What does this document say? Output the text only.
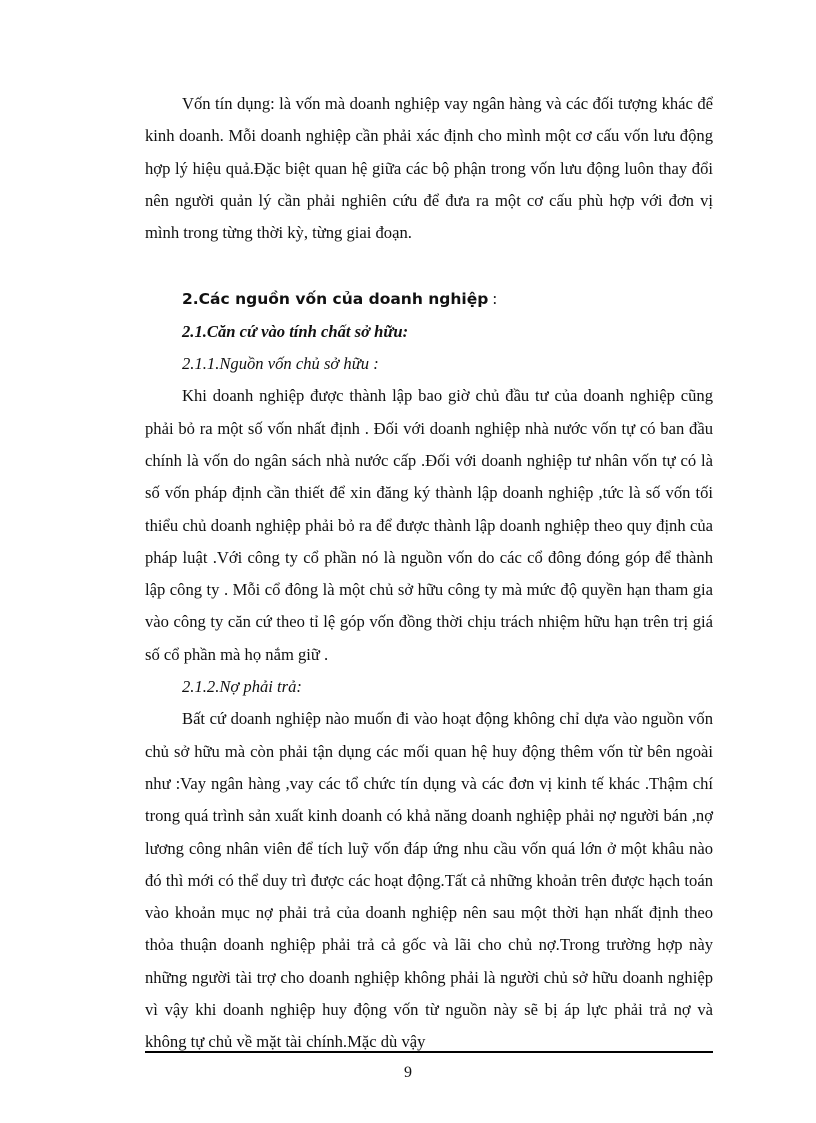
Vốn tín dụng: là vốn mà doanh nghiệp vay ngân hàng và các đối tượng khác để kinh doanh. Mỗi doanh nghiệp cần phải xác định cho mình một cơ cấu vốn lưu động hợp lý hiệu quả.Đặc biệt quan hệ giữa các bộ phận trong vốn lưu động luôn thay đổi nên người quản lý cần phải nghiên cứu để đưa ra một cơ cấu phù hợp với đơn vị mình trong từng thời kỳ, từng giai đoạn.

2.Các nguồn vốn của doanh nghiệp :

2.1.Căn cứ vào tính chất sở hữu:

2.1.1.Nguồn vốn chủ sở hữu :

Khi doanh nghiệp được thành lập bao giờ chủ đầu tư của doanh nghiệp cũng phải bỏ ra một số vốn nhất định . Đối với doanh nghiệp nhà nước vốn tự có ban đầu chính là vốn do ngân sách nhà nước cấp .Đối với doanh nghiệp tư nhân vốn tự có là số vốn pháp định cần thiết để xin đăng ký thành lập doanh nghiệp ,tức là số vốn tối thiểu chủ doanh nghiệp phải bỏ ra để được thành lập doanh nghiệp theo quy định của pháp luật .Với công ty cổ phần nó là nguồn vốn do các cổ đông đóng góp để thành lập công ty . Mỗi cổ đông là một chủ sở hữu công ty mà mức độ quyền hạn tham gia vào công ty căn cứ theo tỉ lệ góp vốn đồng thời chịu trách nhiệm hữu hạn trên trị giá số cổ phần mà họ nắm giữ .

2.1.2.Nợ phải trả:

Bất cứ doanh nghiệp nào muốn đi vào hoạt động không chỉ dựa vào nguồn vốn chủ sở hữu mà còn phải tận dụng các mối quan hệ huy động thêm vốn từ bên ngoài như :Vay ngân hàng ,vay các tổ chức tín dụng và các đơn vị kinh tế khác .Thậm chí trong quá trình sản xuất kinh doanh có khả năng doanh nghiệp phải nợ người bán ,nợ lương công nhân viên để tích luỹ vốn đáp ứng nhu cầu vốn quá lớn ở một khâu nào đó thì mới có thể duy trì được các hoạt động.Tất cả những khoản trên được hạch toán vào khoản mục nợ phải trả của doanh nghiệp nên sau một thời hạn nhất định theo thỏa thuận doanh nghiệp phải trả cả gốc và lãi cho chủ nợ.Trong trường hợp này những người tài trợ cho doanh nghiệp không phải là người chủ sở hữu doanh nghiệp vì vậy khi doanh nghiệp huy động vốn từ nguồn này sẽ bị áp lực phải trả nợ và không tự chủ về mặt tài chính.Mặc dù vậy

9
